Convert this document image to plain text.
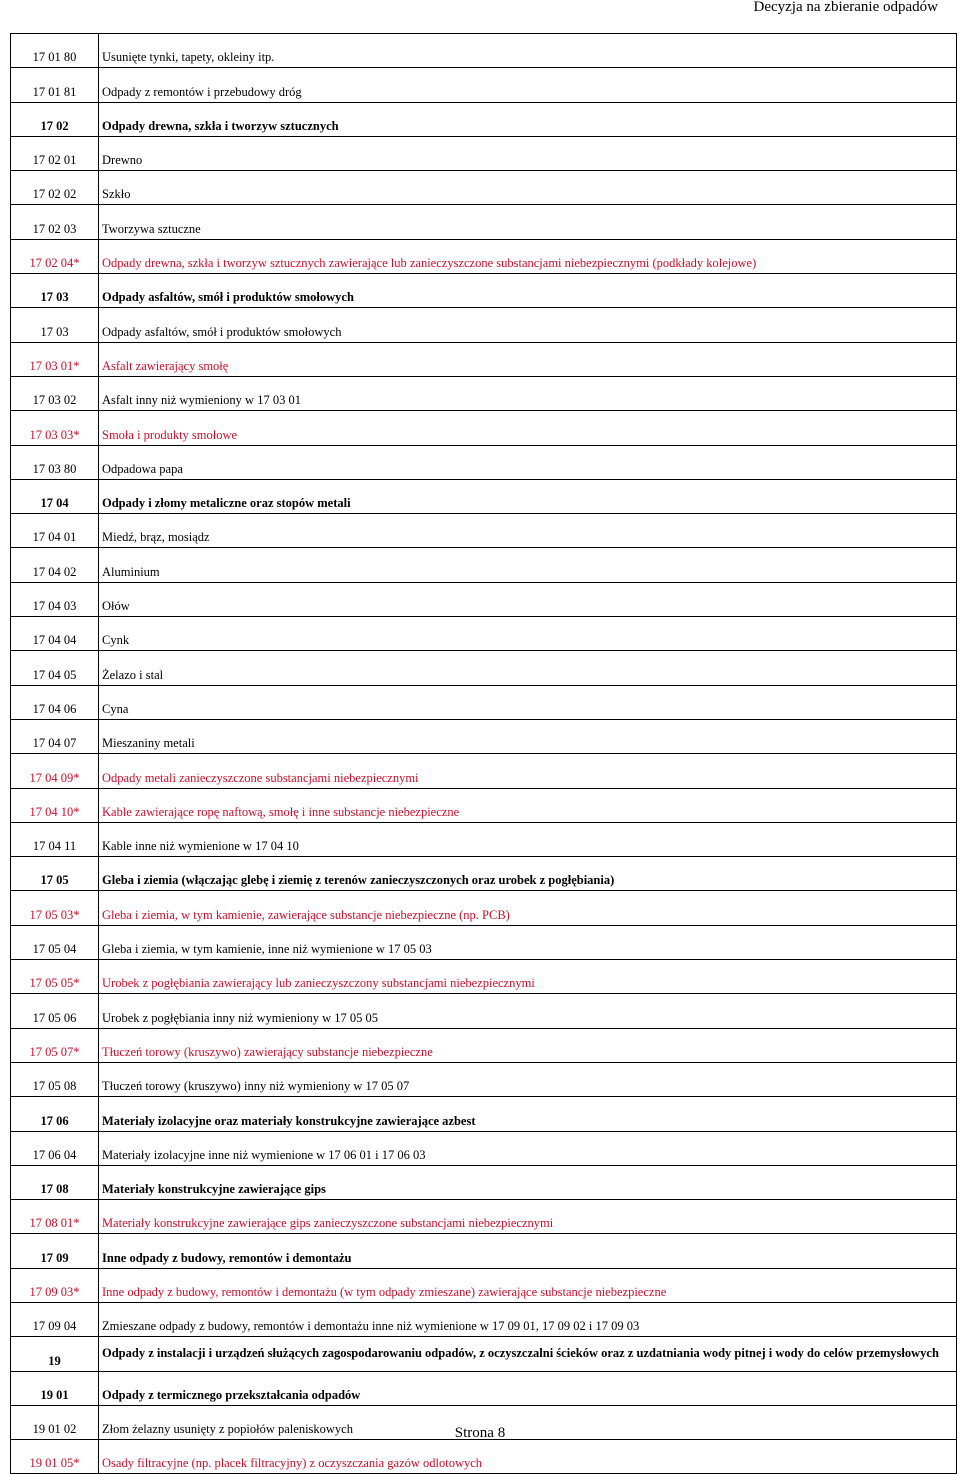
Decyzja na zbieranie odpadów
17 01 80	Usunięte tynki, tapety, okleiny itp.
17 01 81	Odpady z remontów i przebudowy dróg
17 02	Odpady drewna, szkła i tworzyw sztucznych
17 02 01	Drewno
17 02 02	Szkło
17 02 03	Tworzywa sztuczne
17 02 04*	Odpady drewna, szkła i tworzyw sztucznych zawierające lub zanieczyszczone substancjami niebezpiecznymi (podkłady kolejowe)
17 03	Odpady asfaltów, smół i produktów smołowych
17 03	Odpady asfaltów, smół i produktów smołowych
17 03 01*	Asfalt zawierający smołę
17 03 02	Asfalt inny niż wymieniony w 17 03 01
17 03 03*	Smoła i produkty smołowe
17 03 80	Odpadowa papa
17 04	Odpady i złomy metaliczne oraz stopów metali
17 04 01	Miedź, brąz, mosiądz
17 04 02	Aluminium
17 04 03	Ołów
17 04 04	Cynk
17 04 05	Żelazo i stal
17 04 06	Cyna
17 04 07	Mieszaniny metali
17 04 09*	Odpady metali zanieczyszczone substancjami niebezpiecznymi
17 04 10*	Kable zawierające ropę naftową, smołę i inne substancje niebezpieczne
17 04 11	Kable inne niż wymienione w 17 04 10
17 05	Gleba i ziemia (włączając glebę i ziemię z terenów zanieczyszczonych oraz urobek z pogłębiania)
17 05 03*	Gleba i ziemia, w tym kamienie, zawierające substancje niebezpieczne (np. PCB)
17 05 04	Gleba i ziemia, w tym kamienie, inne niż wymienione w 17 05 03
17 05 05*	Urobek z pogłębiania zawierający lub zanieczyszczony substancjami niebezpiecznymi
17 05 06	Urobek z pogłębiania inny niż wymieniony w 17 05 05
17 05 07*	Tłuczeń torowy (kruszywo) zawierający substancje niebezpieczne
17 05 08	Tłuczeń torowy (kruszywo) inny niż wymieniony w 17 05 07
17 06	Materiały izolacyjne oraz materiały konstrukcyjne zawierające azbest
17 06 04	Materiały izolacyjne inne niż wymienione w 17 06 01 i 17 06 03
17 08	Materiały konstrukcyjne zawierające gips
17 08 01*	Materiały konstrukcyjne zawierające gips zanieczyszczone substancjami niebezpiecznymi
17 09	Inne odpady z budowy, remontów i demontażu
17 09 03*	Inne odpady z budowy, remontów i demontażu (w tym odpady zmieszane) zawierające substancje niebezpieczne
17 09 04	Zmieszane odpady z budowy, remontów i demontażu inne niż wymienione w 17 09 01, 17 09 02 i 17 09 03
19	Odpady z instalacji i urządzeń służących zagospodarowaniu odpadów, z oczyszczalni ścieków oraz z uzdatniania wody pitnej i wody do celów przemysłowych
19 01	Odpady z termicznego przekształcania odpadów
19 01 02	Złom żelazny usunięty z popiołów paleniskowych
19 01 05*	Osady filtracyjne (np. placek filtracyjny) z oczyszczania gazów odlotowych
Strona 8
